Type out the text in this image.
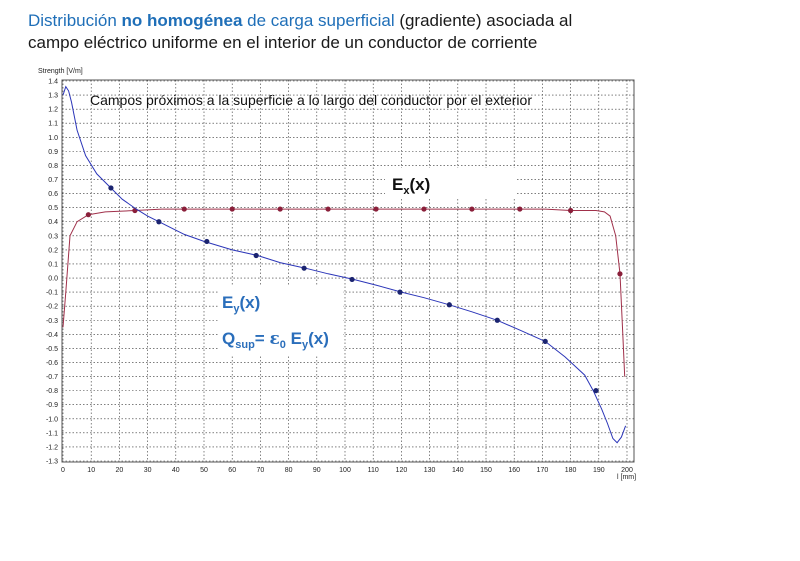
Distribución no homogénea de carga superficial (gradiente) asociada al
campo eléctrico uniforme en el interior de un conductor de corriente
1.4
1.3
1.2
1.1
1.0
0.9
0.8
0.7
0.6
0.5
0.4
0.3
0.2
0.1
0.0
-0.1
-0.2
-0.3
-0.4
-0.5
-0.6
-0.7
-0.8
-0.9
-1.0
-1.1
-1.2
-1.3
0	10	20	30	40	50	60	70	80	90	100 110 120 130 140 150 160 170 180 190 200
Strength [V/m]
l [mm]
Campos próximos a la superficie a lo largo del conductor por el exterior
$E_x(x)$
$E_y(x)$
$Q_{sup}= \varepsilon_0$ $E_y(x)$
